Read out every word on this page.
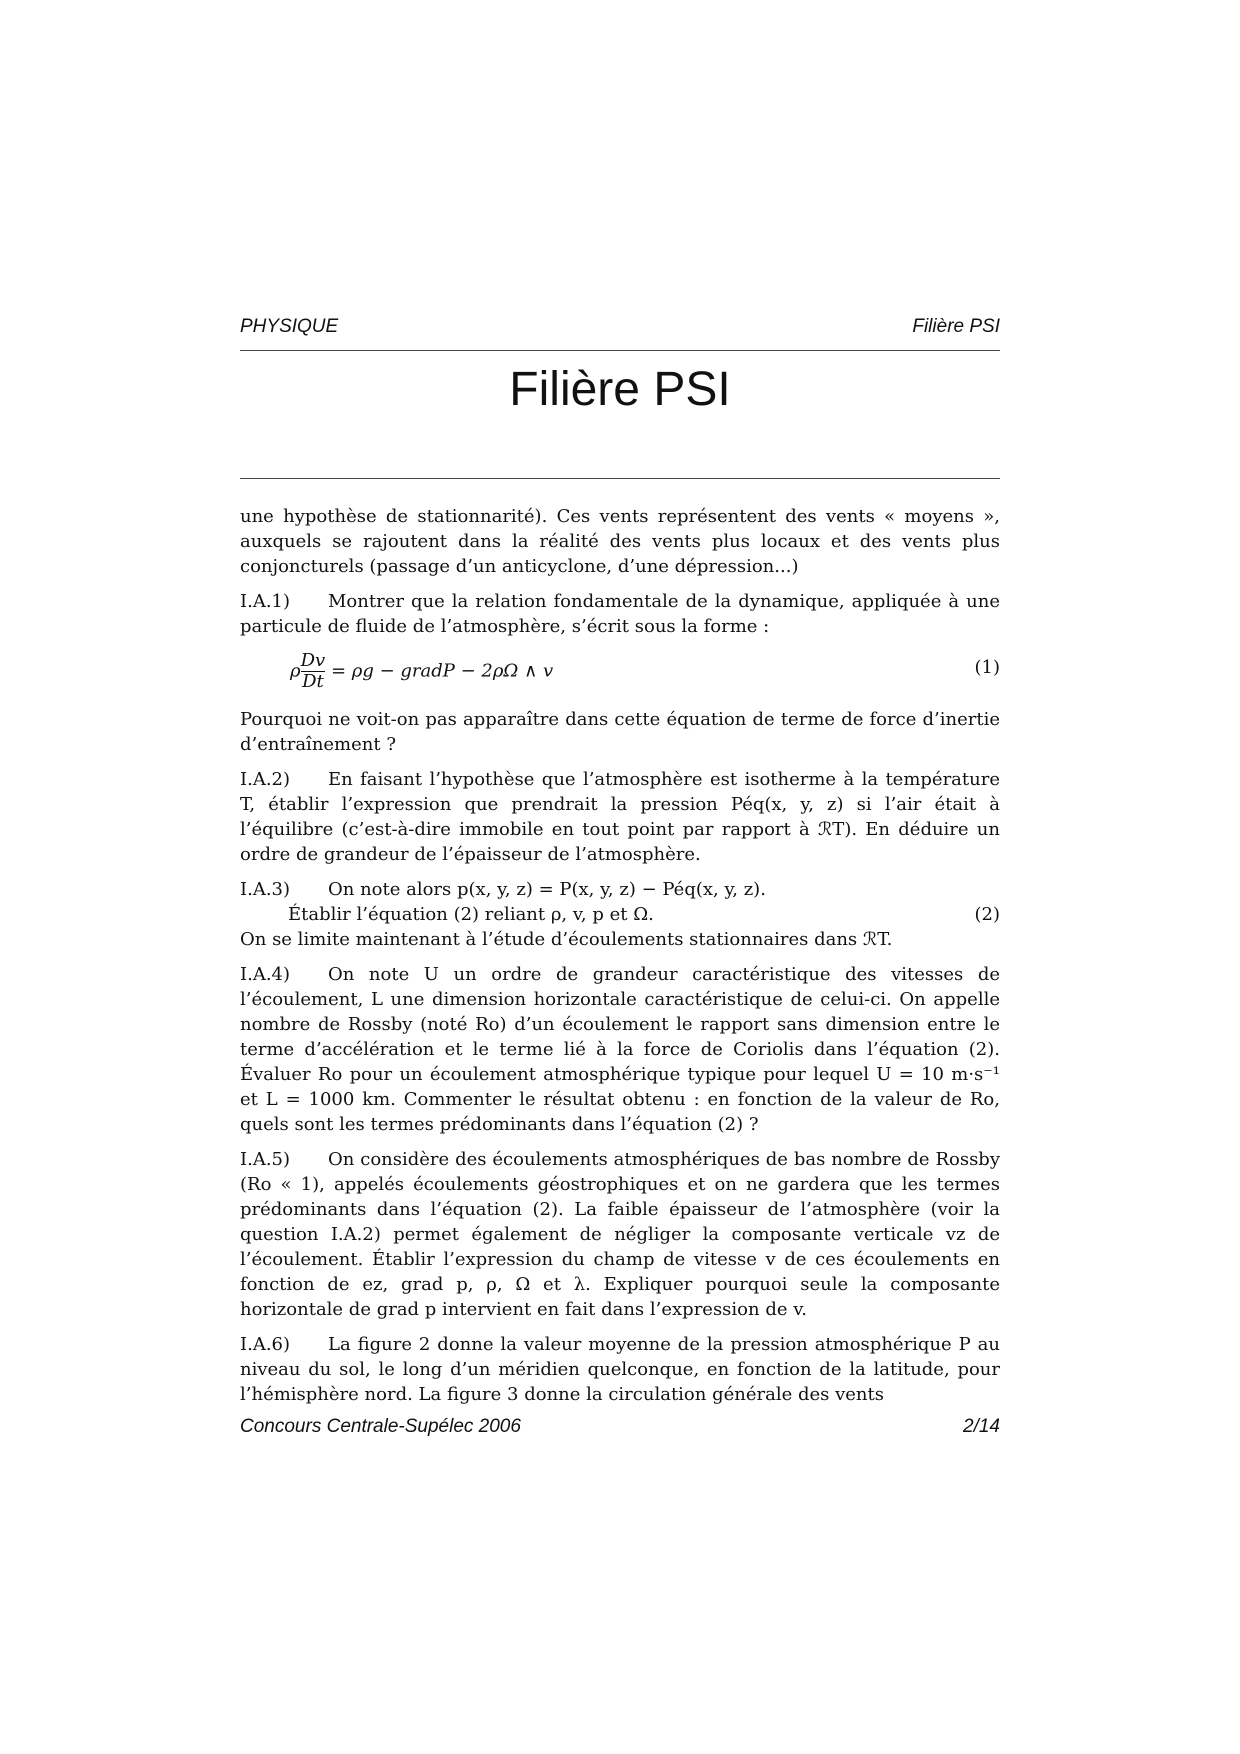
PHYSIQUE	Filière PSI
Filière PSI

une hypothèse de stationnarité). Ces vents représentent des vents « moyens », auxquels se rajoutent dans la réalité des vents plus locaux et des vents plus conjoncturels (passage d’un anticyclone, d’une dépression...)

I.A.1) Montrer que la relation fondamentale de la dynamique, appliquée à une particule de fluide de l’atmosphère, s’écrit sous la forme :
ρ $\frac{Dv}{Dt} = \rho g$ − gradP − 2ρΩ ∧ v	(1)

Pourquoi ne voit-on pas apparaître dans cette équation de terme de force d’inertie d’entraînement ?

I.A.2) En faisant l’hypothèse que l’atmosphère est isotherme à la température T, établir l’expression que prendrait la pression Péq(x, y, z) si l’air était à l’équilibre (c’est-à-dire immobile en tout point par rapport à ℛT). En déduire un ordre de grandeur de l’épaisseur de l’atmosphère.

I.A.3) On note alors p(x, y, z) = P(x, y, z) − Péq(x, y, z).
Établir l’équation (2) reliant ρ, v, p et Ω.	(2)

On se limite maintenant à l’étude d’écoulements stationnaires dans ℛT.

I.A.4) On note U un ordre de grandeur caractéristique des vitesses de l’écoulement, L une dimension horizontale caractéristique de celui-ci. On appelle nombre de Rossby (noté Ro) d’un écoulement le rapport sans dimension entre le terme d’accélération et le terme lié à la force de Coriolis dans l’équation (2). Évaluer Ro pour un écoulement atmosphérique typique pour lequel U = 10 m·s⁻¹ et L = 1000 km. Commenter le résultat obtenu : en fonction de la valeur de Ro, quels sont les termes prédominants dans l’équation (2) ?

I.A.5) On considère des écoulements atmosphériques de bas nombre de Rossby (Ro « 1), appelés écoulements géostrophiques et on ne gardera que les termes prédominants dans l’équation (2). La faible épaisseur de l’atmosphère (voir la question I.A.2) permet également de négliger la composante verticale vz de l’écoulement. Établir l’expression du champ de vitesse v de ces écoulements en fonction de ez, grad p, ρ, Ω et λ. Expliquer pourquoi seule la composante horizontale de grad p intervient en fait dans l’expression de v.

I.A.6) La figure 2 donne la valeur moyenne de la pression atmosphérique P au niveau du sol, le long d’un méridien quelconque, en fonction de la latitude, pour l’hémisphère nord. La figure 3 donne la circulation générale des vents

Concours Centrale-Supélec 2006	2/14
